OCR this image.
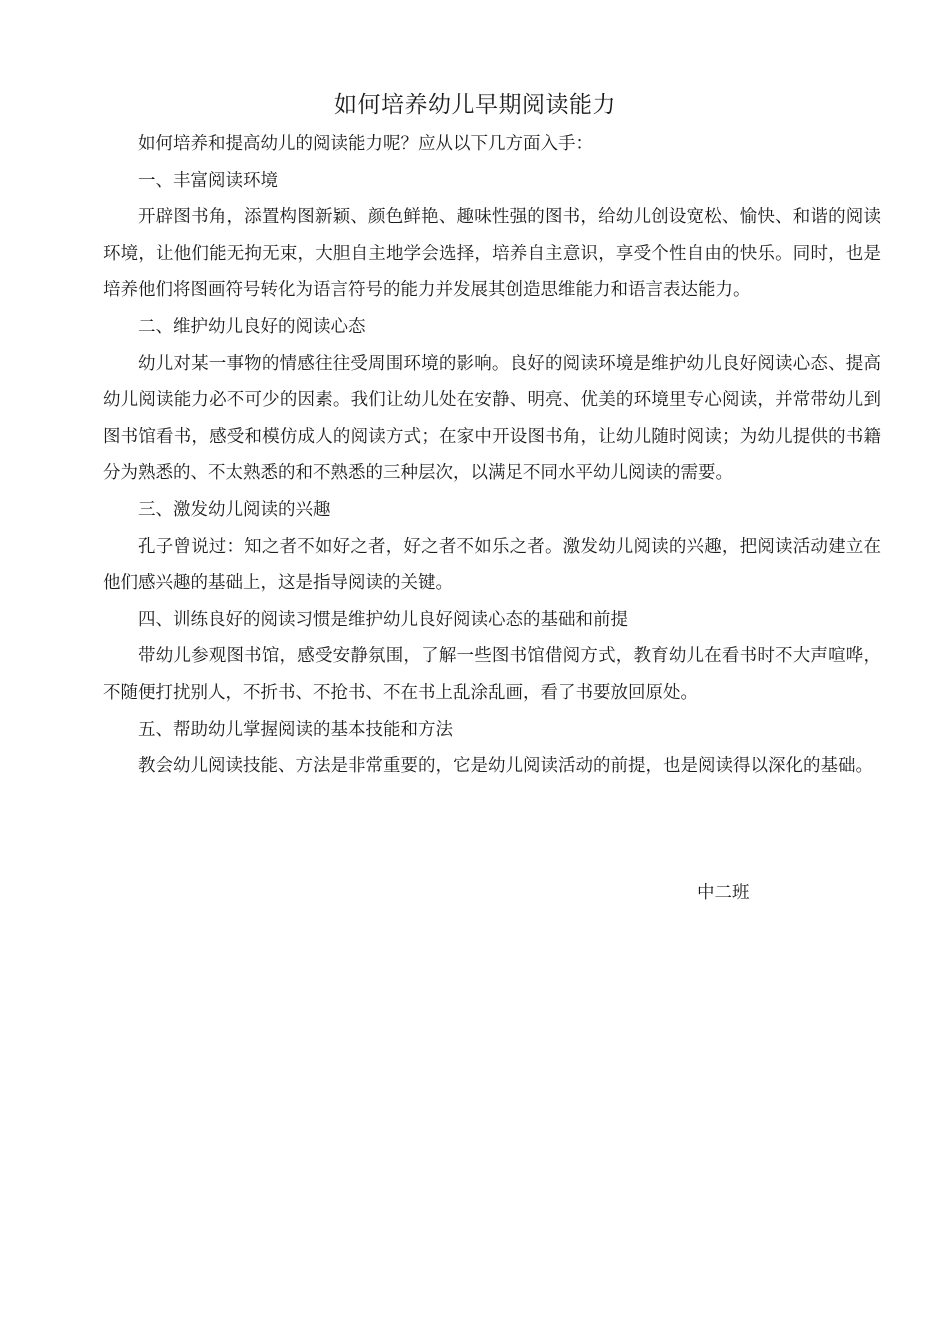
如何培养幼儿早期阅读能力

如何培养和提高幼儿的阅读能力呢？应从以下几方面入手：

一、丰富阅读环境

开辟图书角，添置构图新颖、颜色鲜艳、趣味性强的图书，给幼儿创设宽松、愉快、和谐的阅读环境，让他们能无拘无束，大胆自主地学会选择，培养自主意识，享受个性自由的快乐。同时，也是培养他们将图画符号转化为语言符号的能力并发展其创造思维能力和语言表达能力。

二、维护幼儿良好的阅读心态

幼儿对某一事物的情感往往受周围环境的影响。良好的阅读环境是维护幼儿良好阅读心态、提高幼儿阅读能力必不可少的因素。我们让幼儿处在安静、明亮、优美的环境里专心阅读，并常带幼儿到图书馆看书，感受和模仿成人的阅读方式；在家中开设图书角，让幼儿随时阅读；为幼儿提供的书籍分为熟悉的、不太熟悉的和不熟悉的三种层次，以满足不同水平幼儿阅读的需要。

三、激发幼儿阅读的兴趣

孔子曾说过：知之者不如好之者，好之者不如乐之者。激发幼儿阅读的兴趣，把阅读活动建立在他们感兴趣的基础上，这是指导阅读的关键。

四、训练良好的阅读习惯是维护幼儿良好阅读心态的基础和前提

带幼儿参观图书馆，感受安静氛围，了解一些图书馆借阅方式，教育幼儿在看书时不大声喧哗，不随便打扰别人，不折书、不抢书、不在书上乱涂乱画，看了书要放回原处。

五、帮助幼儿掌握阅读的基本技能和方法

教会幼儿阅读技能、方法是非常重要的，它是幼儿阅读活动的前提，也是阅读得以深化的基础。

中二班
